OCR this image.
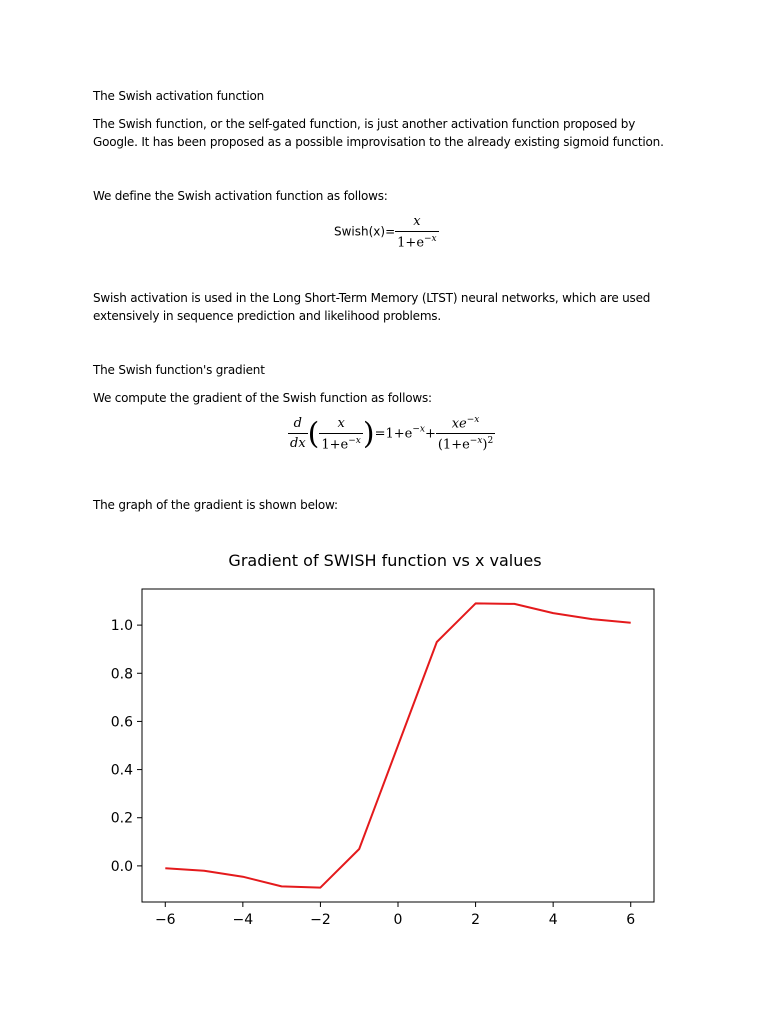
The Swish activation function
The Swish function, or the self-gated function, is just another activation function proposed by Google. It has been proposed as a possible improvisation to the already existing sigmoid function.
We define the Swish activation function as follows:
Swish(x)= $\frac{x}{1+e^{-x}}$
Swish activation is used in the Long Short-Term Memory (LTST) neural networks, which are used extensively in sequence prediction and likelihood problems.
The Swish function's gradient
We compute the gradient of the Swish function as follows:
$\frac{d}{dx}$ ( $\frac{x}{1+e^{-x}} )=1+e^{-x}+ \frac{xe^{-x}}{(1+e^{-x})^2}$
The graph of the gradient is shown below:
Gradient of SWISH function vs x values
−6	−4	−2	0	2	4	6
0.0
0.2
0.4
0.6
0.8
1.0
